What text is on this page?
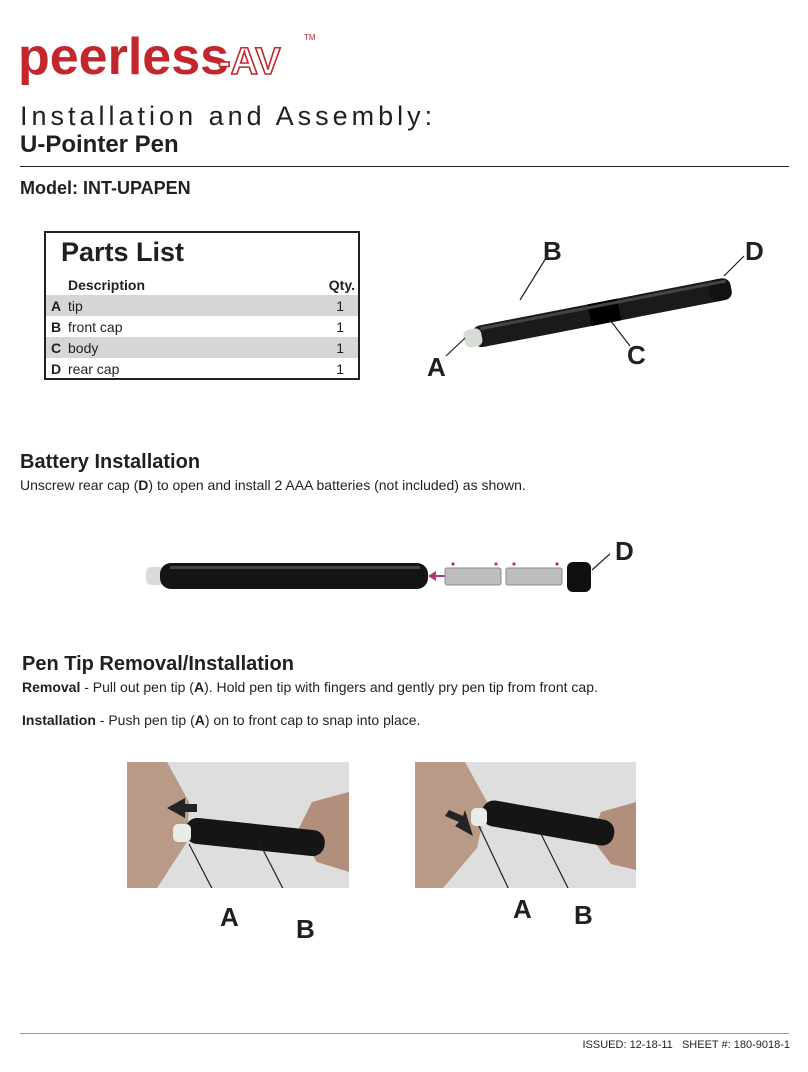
peerless
-AV
TM
Installation and Assembly:
U-Pointer Pen
Model: INT-UPAPEN
Parts List
Description	Qty.
A tip	1
B front cap	1
C body	1
D rear cap	1	A
B
C
D
Battery Installation
Unscrew rear cap (D) to open and install 2 AAA batteries (not included) as shown.
D
Pen Tip Removal/Installation
Removal - Pull out pen tip (A). Hold pen tip with fingers and gently pry pen tip from front cap.
Installation - Push pen tip (A) on to front cap to snap into place.
A B
A B
ISSUED: 12-18-11 SHEET #: 180-9018-1
